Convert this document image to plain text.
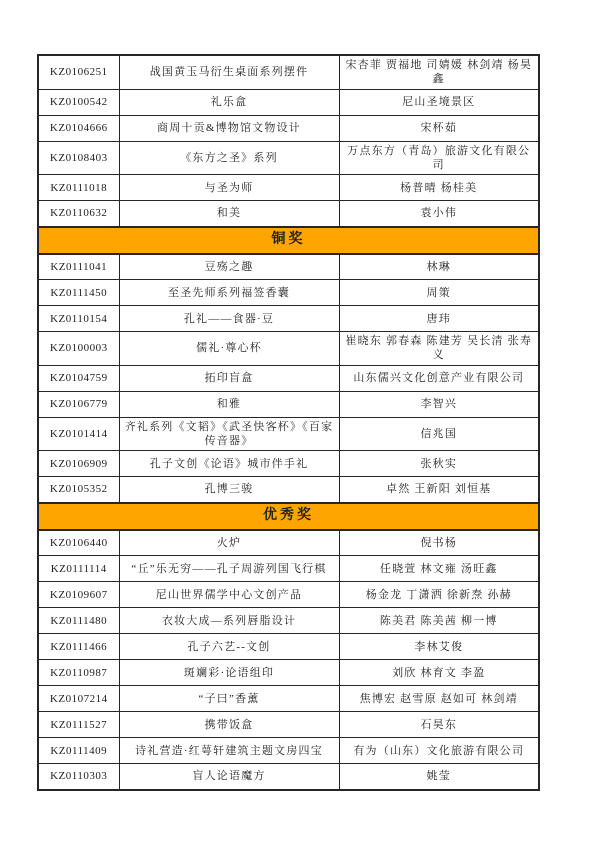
KZ0106251	战国黄玉马衍生桌面系列摆件	宋杏菲 贾福地 司婧媛 林剑靖 杨昊鑫
KZ0100542	礼乐盒	尼山圣境景区
KZ0104666	商周十贡&博物馆文物设计	宋杯茹
KZ0108403	《东方之圣》系列	万点东方（青岛）旅游文化有限公司
KZ0111018	与圣为师	杨普晴 杨桂美
KZ0110632	和美	袁小伟
铜奖		
KZ0111041	豆殇之趣	林琳
KZ0111450	至圣先师系列福签香囊	周策
KZ0110154	孔礼——食器·豆	唐玮
KZ0100003	儒礼·尊心杯	崔晓东 郭春森 陈建芳 吴长清 张寿义
KZ0104759	拓印盲盒	山东儒兴文化创意产业有限公司
KZ0106779	和雅	李智兴
KZ0101414	齐礼系列《文韬》《武圣快客杯》《百家传音器》	信兆国
KZ0106909	孔子文创《论语》城市伴手礼	张秋实
KZ0105352	孔博三骏	卓然 王新阳 刘恒基
优秀奖		
KZ0106440	火炉	倪书杨
KZ0111114	“丘”乐无穷——孔子周游列国飞行棋	任晓萱 林文雍 汤旺鑫
KZ0109607	尼山世界儒学中心文创产品	杨金龙 丁潇洒 徐新焘 孙赫
KZ0111480	衣妆大成—系列唇脂设计	陈美君 陈美茜 柳一博
KZ0111466	孔子六艺--文创	李林艾俊
KZ0110987	斑斓彩·论语组印	刘欣 林育文 李盈
KZ0107214	“子曰”香薰	焦博宏 赵雪原 赵如可 林剑靖
KZ0111527	携带饭盒	石昊东
KZ0111409	诗礼营造·红萼轩建筑主题文房四宝	有为（山东）文化旅游有限公司
KZ0110303	盲人论语魔方	姚莹
